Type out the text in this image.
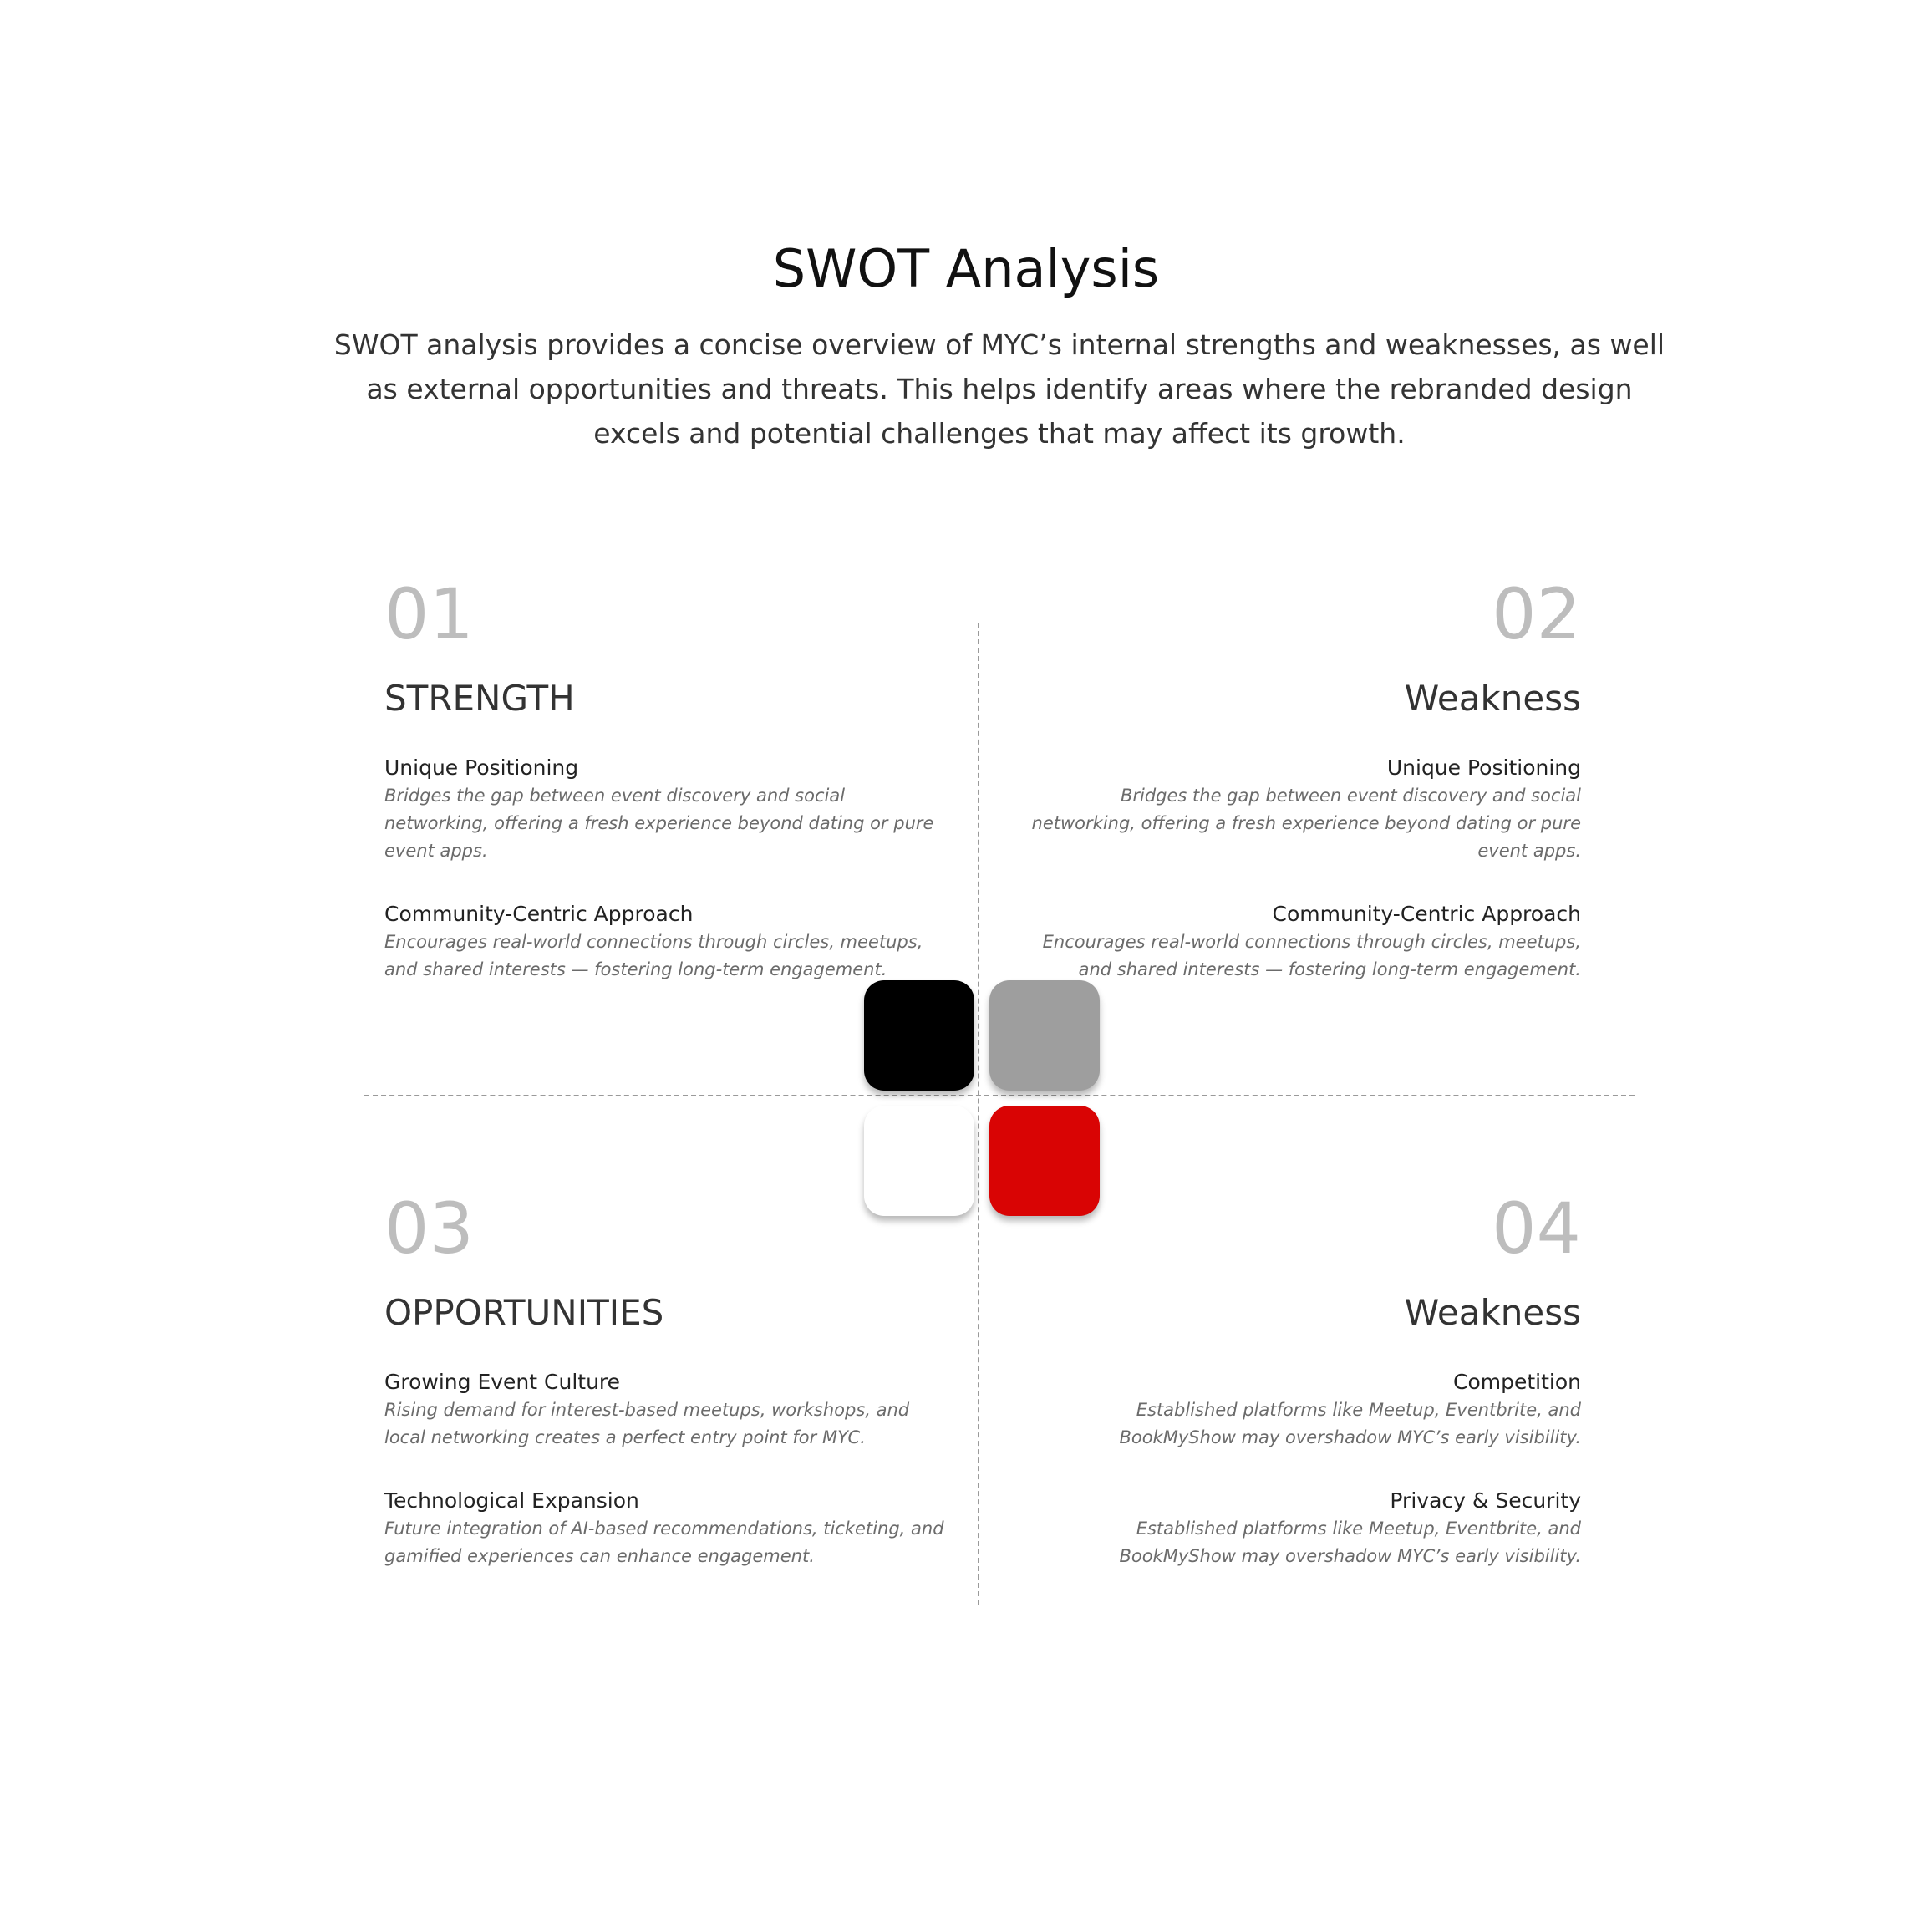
SWOT Analysis

SWOT analysis provides a concise overview of MYC’s internal strengths and weaknesses, as well as external opportunities and threats. This helps identify areas where the rebranded design excels and potential challenges that may affect its growth.

01
STRENGTH
Unique Positioning
Bridges the gap between event discovery and social networking, offering a fresh experience beyond dating or pure event apps.
Community-Centric Approach
Encourages real-world connections through circles, meetups, and shared interests — fostering long-term engagement.
02
Weakness
Unique Positioning
Bridges the gap between event discovery and social networking, offering a fresh experience beyond dating or pure event apps.
Community-Centric Approach
Encourages real-world connections through circles, meetups, and shared interests — fostering long-term engagement.
03
OPPORTUNITIES
Growing Event Culture
Rising demand for interest-based meetups, workshops, and local networking creates a perfect entry point for MYC.
Technological Expansion
Future integration of AI-based recommendations, ticketing, and gamified experiences can enhance engagement.
04
Weakness
Competition
Established platforms like Meetup, Eventbrite, and BookMyShow may overshadow MYC’s early visibility.
Privacy & Security
Established platforms like Meetup, Eventbrite, and BookMyShow may overshadow MYC’s early visibility.
